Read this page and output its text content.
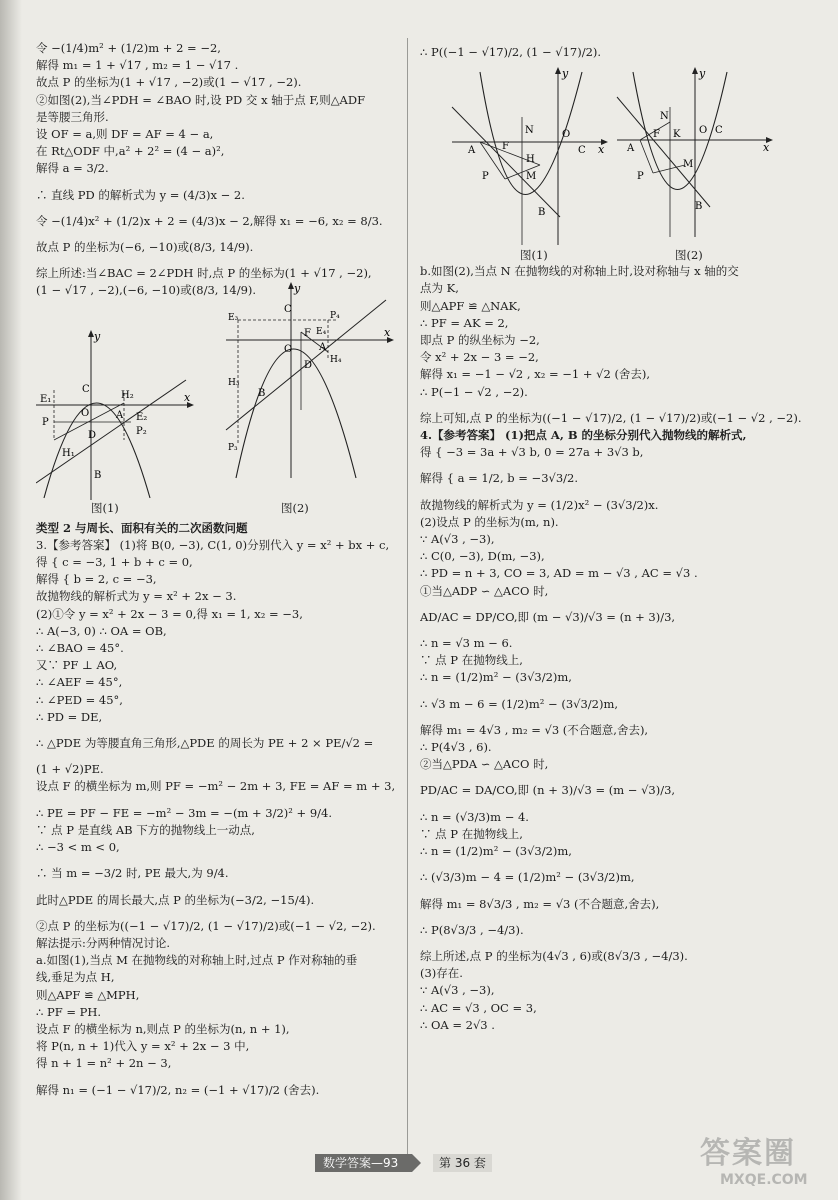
令 −(1/4)m² + (1/2)m + 2 = −2,
解得 m₁ = 1 + √17 , m₂ = 1 − √17 .
故点 P 的坐标为(1 + √17 , −2)或(1 − √17 , −2).
②如图(2),当∠PDH = ∠BAO 时,设 PD 交 x 轴于点 F,则△ADF
是等腰三角形.
设 OF = a,则 DF = AF = 4 − a,
在 Rt△ODF 中,a² + 2² = (4 − a)²,
解得 a = 3/2.
∴ 直线 PD 的解析式为 y = (4/3)x − 2.
令 −(1/4)x² + (1/2)x + 2 = (4/3)x − 2,解得 x₁ = −6, x₂ = 8/3.
故点 P 的坐标为(−6, −10)或(8/3, 14/9).
综上所述:当∠BAC = 2∠PDH 时,点 P 的坐标为(1 + √17 , −2),
(1 − √17 , −2),(−6, −10)或(8/3, 14/9).
y
x
E₁
C
H₂
P
O	A E₂
P₂
B
D
H₁
y
x
C
P₄
E₃
E₄
O
F
A
H₄
H₃
B
D
P₃
图(1)	图(2)
类型 2 与周长、面积有关的二次函数问题
3.【参考答案】 (1)将 B(0, −3), C(1, 0)分别代入 y = x² + bx + c,
得 { c = −3, 1 + b + c = 0,
解得 { b = 2, c = −3,
故抛物线的解析式为 y = x² + 2x − 3.
(2)①令 y = x² + 2x − 3 = 0,得 x₁ = 1, x₂ = −3,
∴ A(−3, 0) ∴ OA = OB,
∴ ∠BAO = 45°.
又∵ PF ⊥ AO,
∴ ∠AEF = 45°,
∴ ∠PED = 45°,
∴ PD = DE,
∴ △PDE 为等腰直角三角形,△PDE 的周长为 PE + 2 × PE/√2 =
(1 + √2)PE.
设点 F 的横坐标为 m,则 PF = −m² − 2m + 3, FE = AF = m + 3,
∴ PE = PF − FE = −m² − 3m = −(m + 3/2)² + 9/4.
∵ 点 P 是直线 AB 下方的抛物线上一动点,
∴ −3 < m < 0,
∴ 当 m = −3/2 时, PE 最大,为 9/4.
此时△PDE 的周长最大,点 P 的坐标为(−3/2, −15/4).
②点 P 的坐标为((−1 − √17)/2, (1 − √17)/2)或(−1 − √2, −2).
解法提示:分两种情况讨论.
a.如图(1),当点 M 在抛物线的对称轴上时,过点 P 作对称轴的垂
线,垂足为点 H,
则△APF ≌ △MPH,
∴ PF = PH.
设点 F 的横坐标为 n,则点 P 的坐标为(n, n + 1),
将 P(n, n + 1)代入 y = x² + 2x − 3 中,
得 n + 1 = n² + 2n − 3,
解得 n₁ = (−1 − √17)/2, n₂ = (−1 + √17)/2 (舍去).
∴ P((−1 − √17)/2, (1 − √17)/2).
y
x
N	O
C
A	F
H
M
P
B
y
x
N
O C
A
F K
M
P
B
图(1)	图(2)
b.如图(2),当点 N 在抛物线的对称轴上时,设对称轴与 x 轴的交
点为 K,
则△APF ≌ △NAK,
∴ PF = AK = 2,
即点 P 的纵坐标为 −2,
令 x² + 2x − 3 = −2,
解得 x₁ = −1 − √2 , x₂ = −1 + √2 (舍去),
∴ P(−1 − √2 , −2).
综上可知,点 P 的坐标为((−1 − √17)/2, (1 − √17)/2)或(−1 − √2 , −2).
4.【参考答案】 (1)把点 A, B 的坐标分别代入抛物线的解析式,
得 { −3 = 3a + √3 b, 0 = 27a + 3√3 b,
解得 { a = 1/2, b = −3√3/2.
故抛物线的解析式为 y = (1/2)x² − (3√3/2)x.
(2)设点 P 的坐标为(m, n).
∵ A(√3 , −3),
∴ C(0, −3), D(m, −3),
∴ PD = n + 3, CO = 3, AD = m − √3 , AC = √3 .
①当△ADP ∽ △ACO 时,
AD/AC = DP/CO,即 (m − √3)/√3 = (n + 3)/3,
∴ n = √3 m − 6.
∵ 点 P 在抛物线上,
∴ n = (1/2)m² − (3√3/2)m,
∴ √3 m − 6 = (1/2)m² − (3√3/2)m,
解得 m₁ = 4√3 , m₂ = √3 (不合题意,舍去),
∴ P(4√3 , 6).
②当△PDA ∽ △ACO 时,
PD/AC = DA/CO,即 (n + 3)/√3 = (m − √3)/3,
∴ n = (√3/3)m − 4.
∵ 点 P 在抛物线上,
∴ n = (1/2)m² − (3√3/2)m,
∴ (√3/3)m − 4 = (1/2)m² − (3√3/2)m,
解得 m₁ = 8√3/3 , m₂ = √3 (不合题意,舍去),
∴ P(8√3/3 , −4/3).
综上所述,点 P 的坐标为(4√3 , 6)或(8√3/3 , −4/3).
(3)存在.
∵ A(√3 , −3),
∴ AC = √3 , OC = 3,
∴ OA = 2√3 .
数学答案—93	第 36 套	答案圈
MXQE.COM
